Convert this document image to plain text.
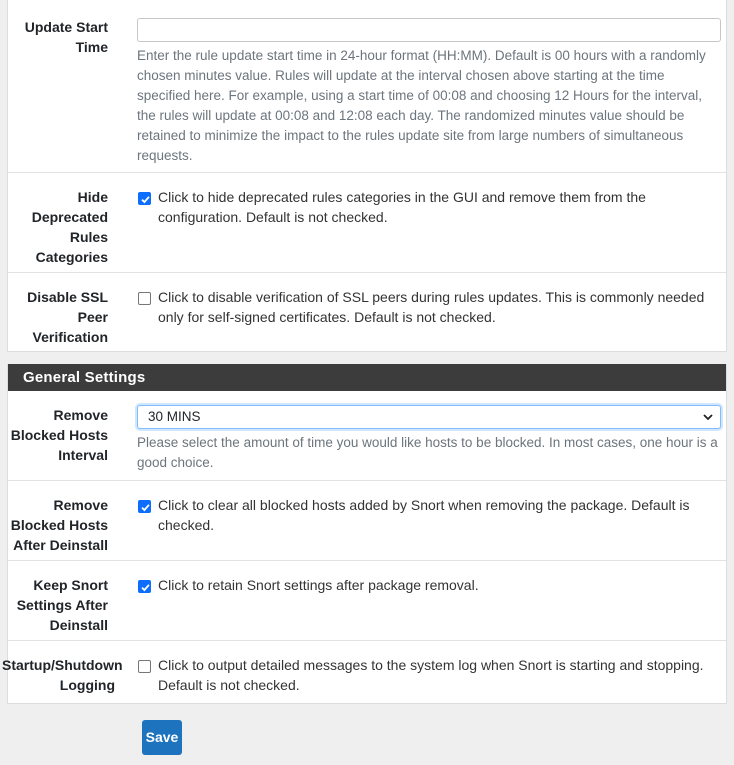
Update Start Time
Enter the rule update start time in 24-hour format (HH:MM). Default is 00 hours with a randomly chosen minutes value. Rules will update at the interval chosen above starting at the time specified here. For example, using a start time of 00:08 and choosing 12 Hours for the interval, the rules will update at 00:08 and 12:08 each day. The randomized minutes value should be retained to minimize the impact to the rules update site from large numbers of simultaneous requests.
Hide Deprecated Rules Categories
Click to hide deprecated rules categories in the GUI and remove them from the configuration. Default is not checked.
Disable SSL Peer Verification
Click to disable verification of SSL peers during rules updates. This is commonly needed only for self-signed certificates. Default is not checked.
General Settings
Remove Blocked Hosts Interval
30 MINS
Please select the amount of time you would like hosts to be blocked. In most cases, one hour is a good choice.
Remove Blocked Hosts After Deinstall
Click to clear all blocked hosts added by Snort when removing the package. Default is checked.
Keep Snort Settings After Deinstall
Click to retain Snort settings after package removal.
Startup/Shutdown Logging
Click to output detailed messages to the system log when Snort is starting and stopping. Default is not checked.
Save
